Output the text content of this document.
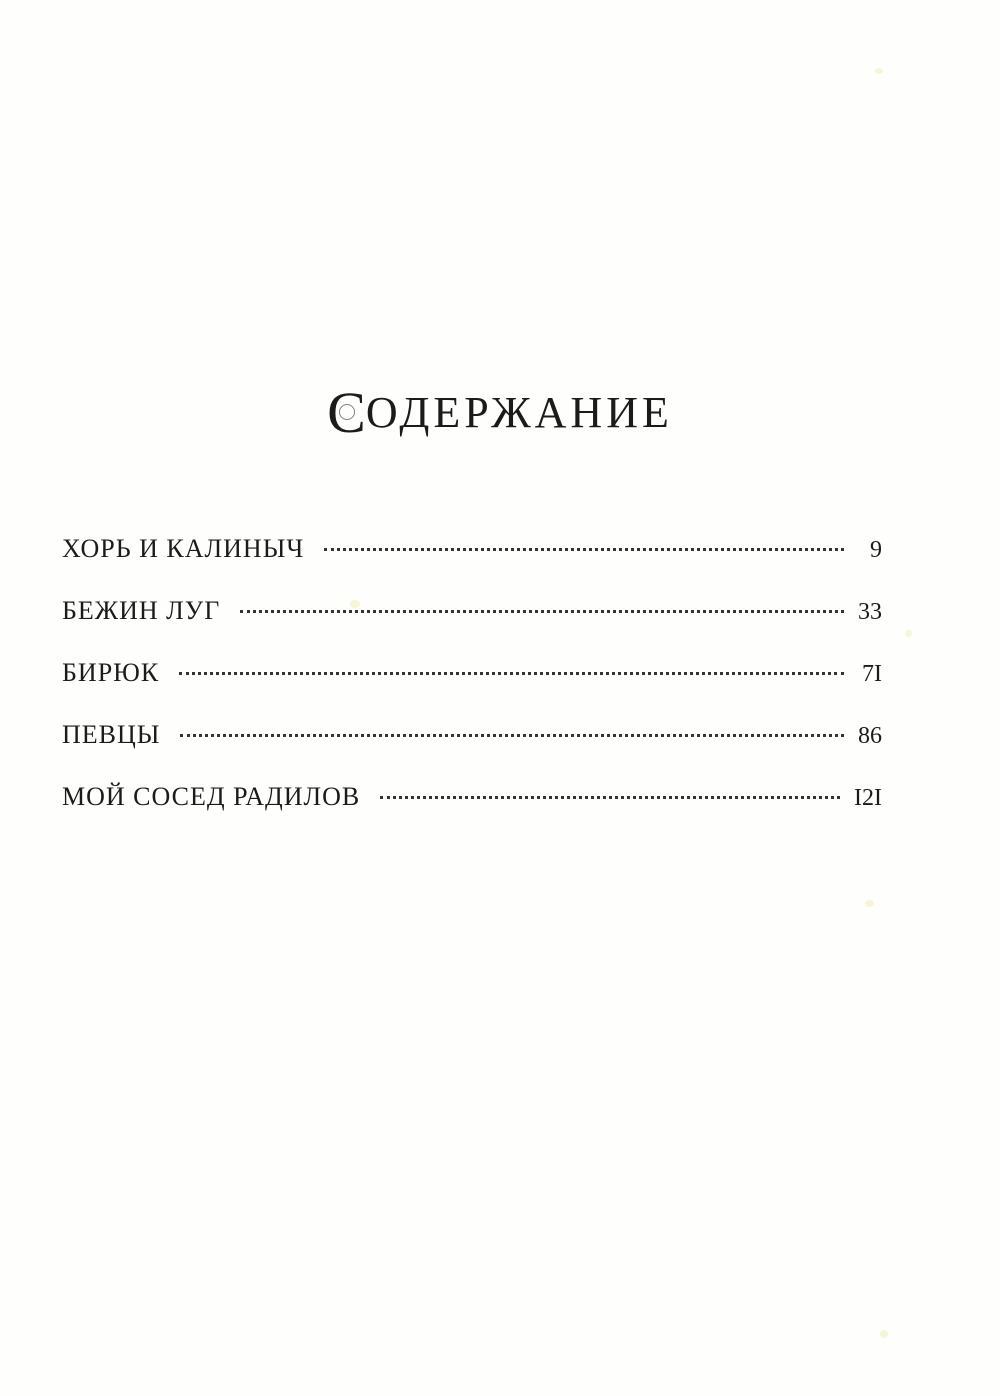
СОДЕРЖАНИЕ
ХОРЬ И КАЛИНЫЧ	9
БЕЖИН ЛУГ	33
БИРЮК	7I
ПЕВЦЫ	86
МОЙ СОСЕД РАДИЛОВ	I2I
